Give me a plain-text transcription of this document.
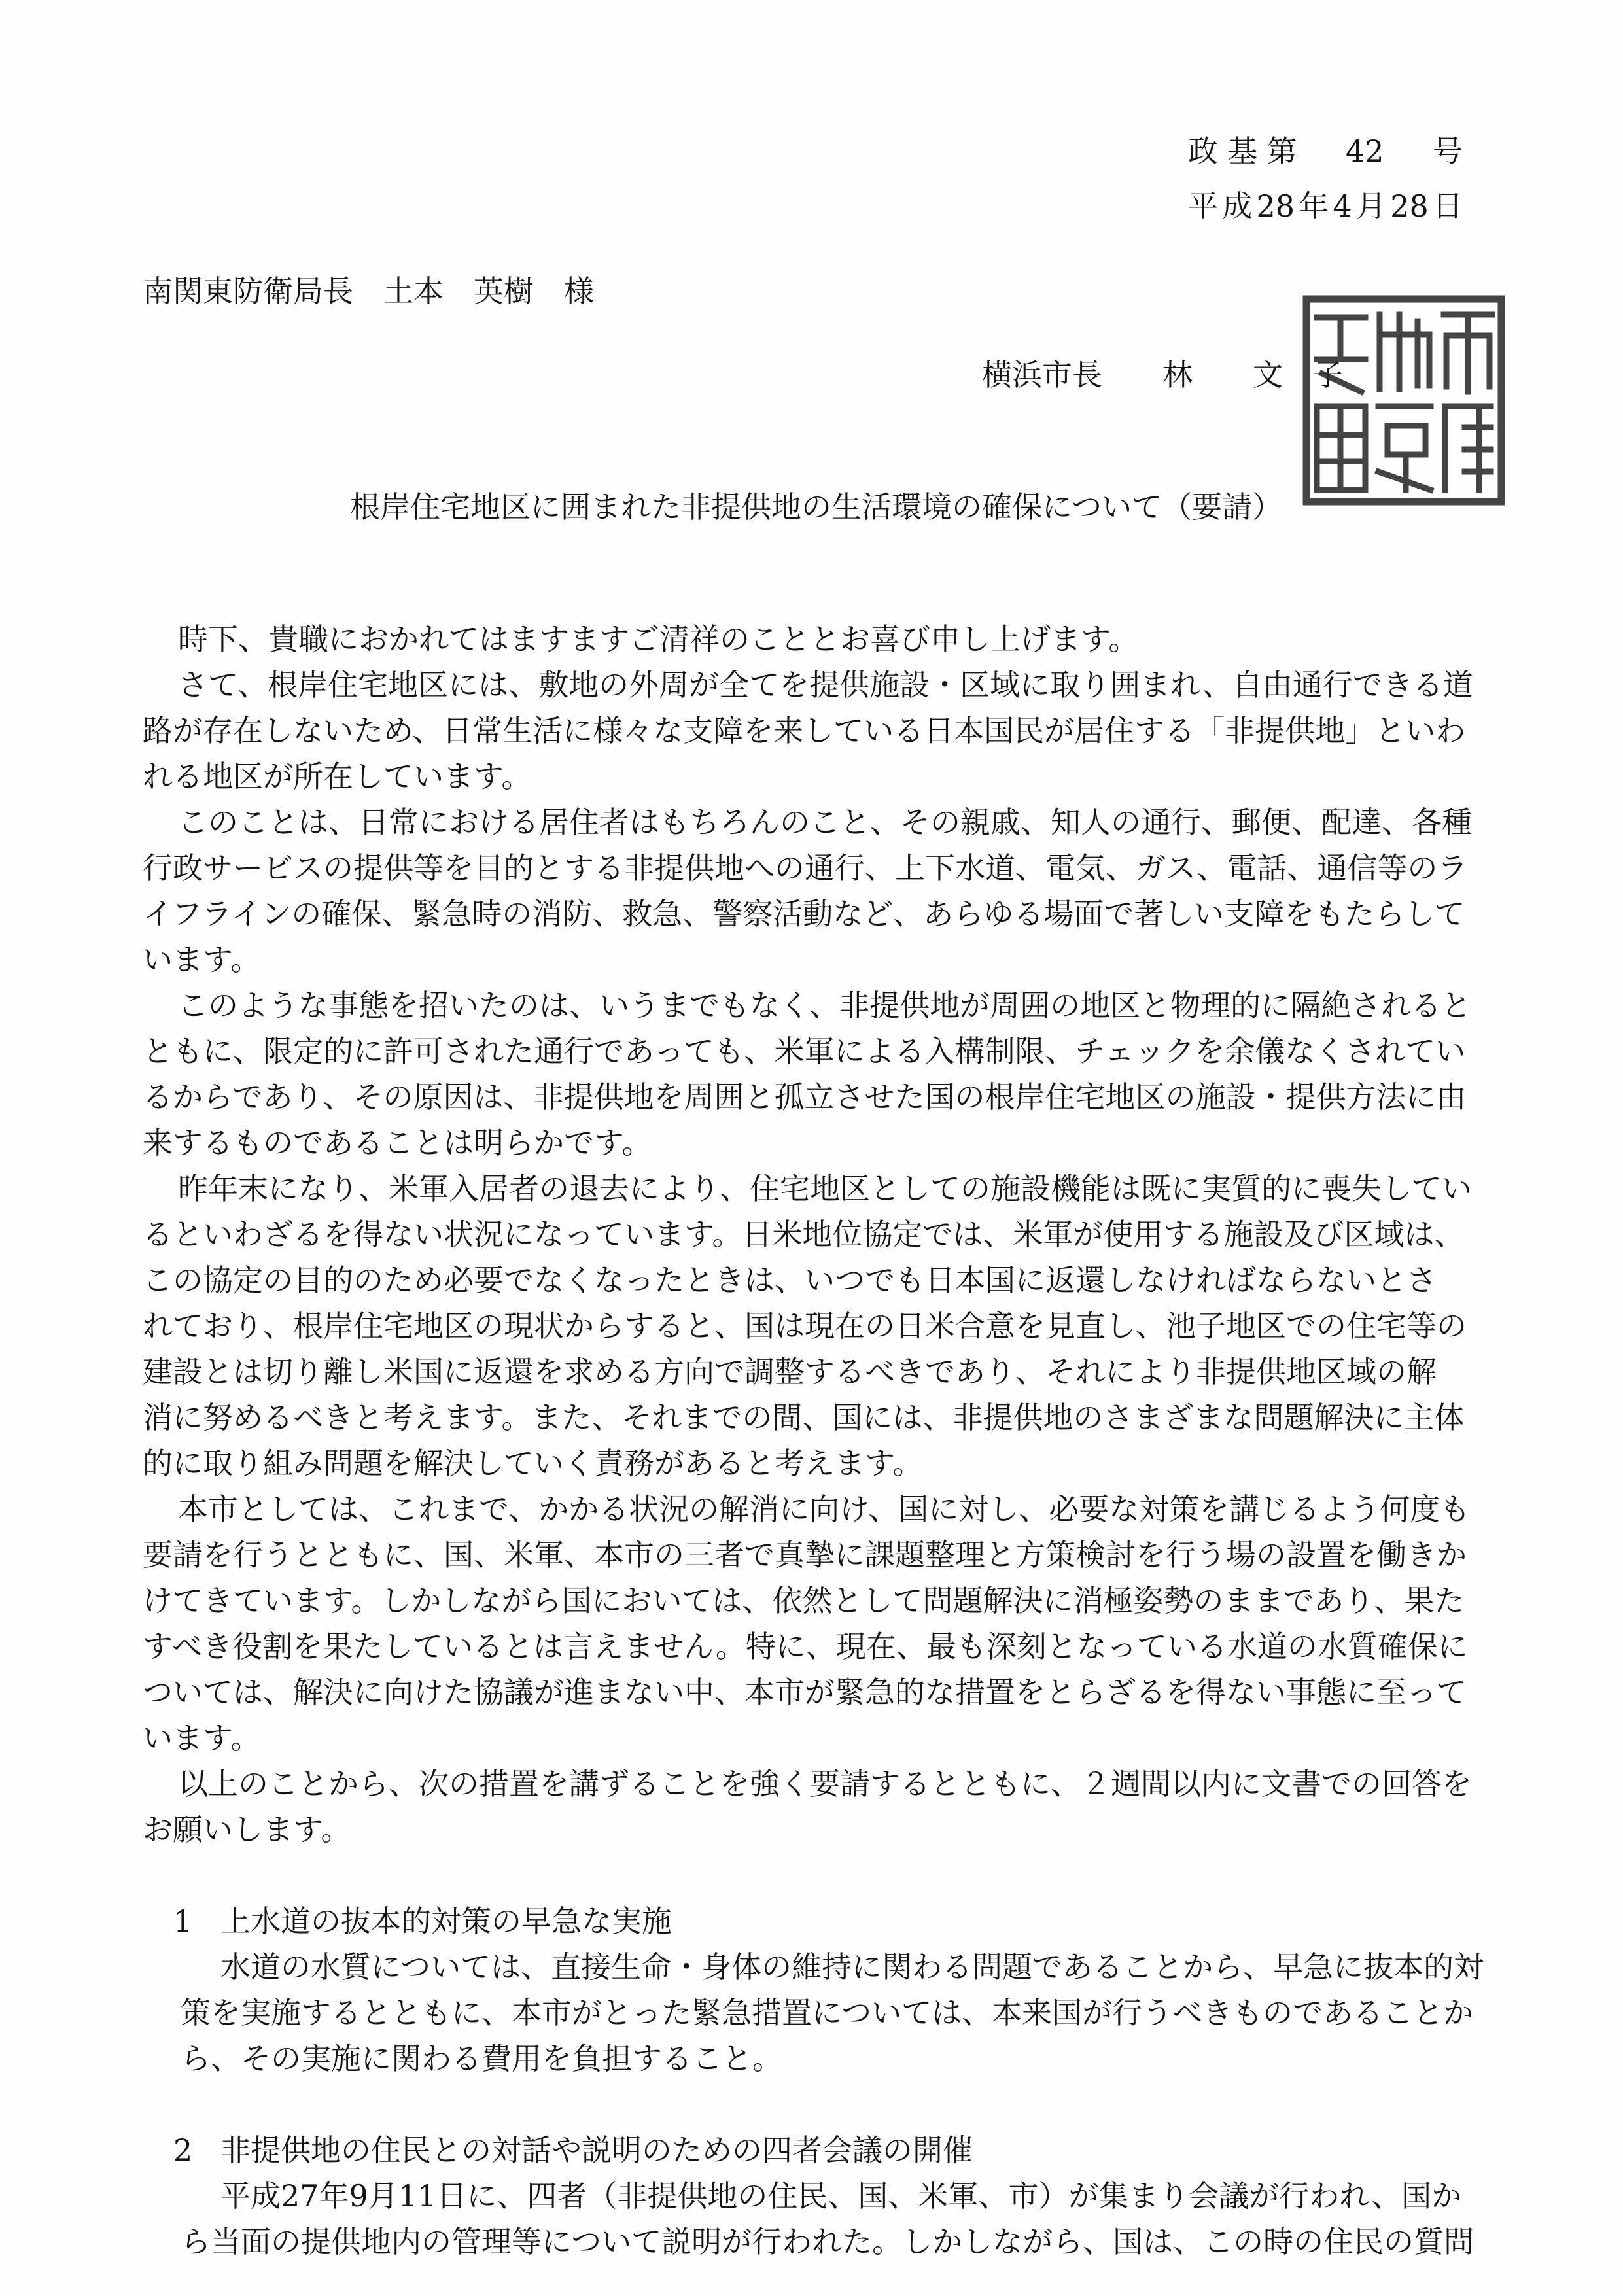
政基第　42　号
平成28年4月28日
南関東防衛局長　土本　英樹　様
横浜市長　　林　　文　子
根岸住宅地区に囲まれた非提供地の生活環境の確保について（要請）
時下、貴職におかれてはますますご清祥のこととお喜び申し上げます。
さて、根岸住宅地区には、敷地の外周が全てを提供施設・区域に取り囲まれ、自由通行できる道
路が存在しないため、日常生活に様々な支障を来している日本国民が居住する「非提供地」といわ
れる地区が所在しています。
このことは、日常における居住者はもちろんのこと、その親戚、知人の通行、郵便、配達、各種
行政サービスの提供等を目的とする非提供地への通行、上下水道、電気、ガス、電話、通信等のラ
イフラインの確保、緊急時の消防、救急、警察活動など、あらゆる場面で著しい支障をもたらして
います。
このような事態を招いたのは、いうまでもなく、非提供地が周囲の地区と物理的に隔絶されると
ともに、限定的に許可された通行であっても、米軍による入構制限、チェックを余儀なくされてい
るからであり、その原因は、非提供地を周囲と孤立させた国の根岸住宅地区の施設・提供方法に由
来するものであることは明らかです。
昨年末になり、米軍入居者の退去により、住宅地区としての施設機能は既に実質的に喪失してい
るといわざるを得ない状況になっています。日米地位協定では、米軍が使用する施設及び区域は、
この協定の目的のため必要でなくなったときは、いつでも日本国に返還しなければならないとさ
れており、根岸住宅地区の現状からすると、国は現在の日米合意を見直し、池子地区での住宅等の
建設とは切り離し米国に返還を求める方向で調整するべきであり、それにより非提供地区域の解
消に努めるべきと考えます。また、それまでの間、国には、非提供地のさまざまな問題解決に主体
的に取り組み問題を解決していく責務があると考えます。
本市としては、これまで、かかる状況の解消に向け、国に対し、必要な対策を講じるよう何度も
要請を行うとともに、国、米軍、本市の三者で真摯に課題整理と方策検討を行う場の設置を働きか
けてきています。しかしながら国においては、依然として問題解決に消極姿勢のままであり、果た
すべき役割を果たしているとは言えません。特に、現在、最も深刻となっている水道の水質確保に
ついては、解決に向けた協議が進まない中、本市が緊急的な措置をとらざるを得ない事態に至って
います。
以上のことから、次の措置を講ずることを強く要請するとともに、２週間以内に文書での回答を
お願いします。
1 上水道の抜本的対策の早急な実施
水道の水質については、直接生命・身体の維持に関わる問題であることから、早急に抜本的対
策を実施するとともに、本市がとった緊急措置については、本来国が行うべきものであることか
ら、その実施に関わる費用を負担すること。
2 非提供地の住民との対話や説明のための四者会議の開催
平成27年9月11日に、四者（非提供地の住民、国、米軍、市）が集まり会議が行われ、国か
ら当面の提供地内の管理等について説明が行われた。しかしながら、国は、この時の住民の質問
